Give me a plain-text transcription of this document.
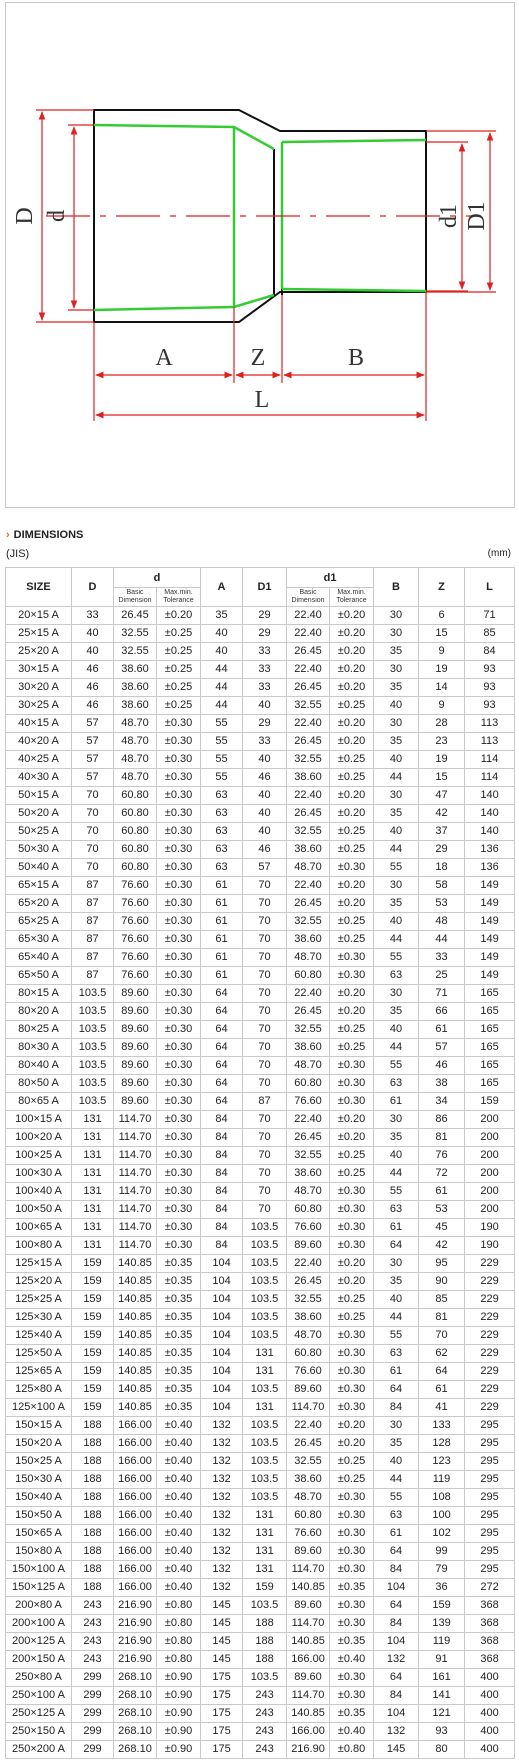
D d	d1 D1
A	Z	B
L
› DIMENSIONS
(JIS)	(mm)
SIZE	D	d		A	D1	d1		B	Z	L
		Basic Dimension	Max.min. Tolerance			Basic Dimension	Max.min. Tolerance			
20×15 A	33	26.45	±0.20	35	29	22.40	±0.20	30	6	71
25×15 A	40	32.55	±0.25	40	29	22.40	±0.20	30	15	85
25×20 A	40	32.55	±0.25	40	33	26.45	±0.20	35	9	84
30×15 A	46	38.60	±0.25	44	33	22.40	±0.20	30	19	93
30×20 A	46	38.60	±0.25	44	33	26.45	±0.20	35	14	93
30×25 A	46	38.60	±0.25	44	40	32.55	±0.25	40	9	93
40×15 A	57	48.70	±0.30	55	29	22.40	±0.20	30	28	113
40×20 A	57	48.70	±0.30	55	33	26.45	±0.20	35	23	113
40×25 A	57	48.70	±0.30	55	40	32.55	±0.25	40	19	114
40×30 A	57	48.70	±0.30	55	46	38.60	±0.25	44	15	114
50×15 A	70	60.80	±0.30	63	40	22.40	±0.20	30	47	140
50×20 A	70	60.80	±0.30	63	40	26.45	±0.20	35	42	140
50×25 A	70	60.80	±0.30	63	40	32.55	±0.25	40	37	140
50×30 A	70	60.80	±0.30	63	46	38.60	±0.25	44	29	136
50×40 A	70	60.80	±0.30	63	57	48.70	±0.30	55	18	136
65×15 A	87	76.60	±0.30	61	70	22.40	±0.20	30	58	149
65×20 A	87	76.60	±0.30	61	70	26.45	±0.20	35	53	149
65×25 A	87	76.60	±0.30	61	70	32.55	±0.25	40	48	149
65×30 A	87	76.60	±0.30	61	70	38.60	±0.25	44	44	149
65×40 A	87	76.60	±0.30	61	70	48.70	±0.30	55	33	149
65×50 A	87	76.60	±0.30	61	70	60.80	±0.30	63	25	149
80×15 A	103.5	89.60	±0.30	64	70	22.40	±0.20	30	71	165
80×20 A	103.5	89.60	±0.30	64	70	26.45	±0.20	35	66	165
80×25 A	103.5	89.60	±0.30	64	70	32.55	±0.25	40	61	165
80×30 A	103.5	89.60	±0.30	64	70	38.60	±0.25	44	57	165
80×40 A	103.5	89.60	±0.30	64	70	48.70	±0.30	55	46	165
80×50 A	103.5	89.60	±0.30	64	70	60.80	±0.30	63	38	165
80×65 A	103.5	89.60	±0.30	64	87	76.60	±0.30	61	34	159
100×15 A	131	114.70	±0.30	84	70	22.40	±0.20	30	86	200
100×20 A	131	114.70	±0.30	84	70	26.45	±0.20	35	81	200
100×25 A	131	114.70	±0.30	84	70	32.55	±0.25	40	76	200
100×30 A	131	114.70	±0.30	84	70	38.60	±0.25	44	72	200
100×40 A	131	114.70	±0.30	84	70	48.70	±0.30	55	61	200
100×50 A	131	114.70	±0.30	84	70	60.80	±0.30	63	53	200
100×65 A	131	114.70	±0.30	84	103.5	76.60	±0.30	61	45	190
100×80 A	131	114.70	±0.30	84	103.5	89.60	±0.30	64	42	190
125×15 A	159	140.85	±0.35	104	103.5	22.40	±0.20	30	95	229
125×20 A	159	140.85	±0.35	104	103.5	26.45	±0.20	35	90	229
125×25 A	159	140.85	±0.35	104	103.5	32.55	±0.25	40	85	229
125×30 A	159	140.85	±0.35	104	103.5	38.60	±0.25	44	81	229
125×40 A	159	140.85	±0.35	104	103.5	48.70	±0.30	55	70	229
125×50 A	159	140.85	±0.35	104	131	60.80	±0.30	63	62	229
125×65 A	159	140.85	±0.35	104	131	76.60	±0.30	61	64	229
125×80 A	159	140.85	±0.35	104	103.5	89.60	±0.30	64	61	229
125×100 A	159	140.85	±0.35	104	131	114.70	±0.30	84	41	229
150×15 A	188	166.00	±0.40	132	103.5	22.40	±0.20	30	133	295
150×20 A	188	166.00	±0.40	132	103.5	26.45	±0.20	35	128	295
150×25 A	188	166.00	±0.40	132	103.5	32.55	±0.25	40	123	295
150×30 A	188	166.00	±0.40	132	103.5	38.60	±0.25	44	119	295
150×40 A	188	166.00	±0.40	132	103.5	48.70	±0.30	55	108	295
150×50 A	188	166.00	±0.40	132	131	60.80	±0.30	63	100	295
150×65 A	188	166.00	±0.40	132	131	76.60	±0.30	61	102	295
150×80 A	188	166.00	±0.40	132	131	89.60	±0.30	64	99	295
150×100 A	188	166.00	±0.40	132	131	114.70	±0.30	84	79	295
150×125 A	188	166.00	±0.40	132	159	140.85	±0.35	104	36	272
200×80 A	243	216.90	±0.80	145	103.5	89.60	±0.30	64	159	368
200×100 A	243	216.90	±0.80	145	188	114.70	±0.30	84	139	368
200×125 A	243	216.90	±0.80	145	188	140.85	±0.35	104	119	368
200×150 A	243	216.90	±0.80	145	188	166.00	±0.40	132	91	368
250×80 A	299	268.10	±0.90	175	103.5	89.60	±0.30	64	161	400
250×100 A	299	268.10	±0.90	175	243	114.70	±0.30	84	141	400
250×125 A	299	268.10	±0.90	175	243	140.85	±0.35	104	121	400
250×150 A	299	268.10	±0.90	175	243	166.00	±0.40	132	93	400
250×200 A	299	268.10	±0.90	175	243	216.90	±0.80	145	80	400
